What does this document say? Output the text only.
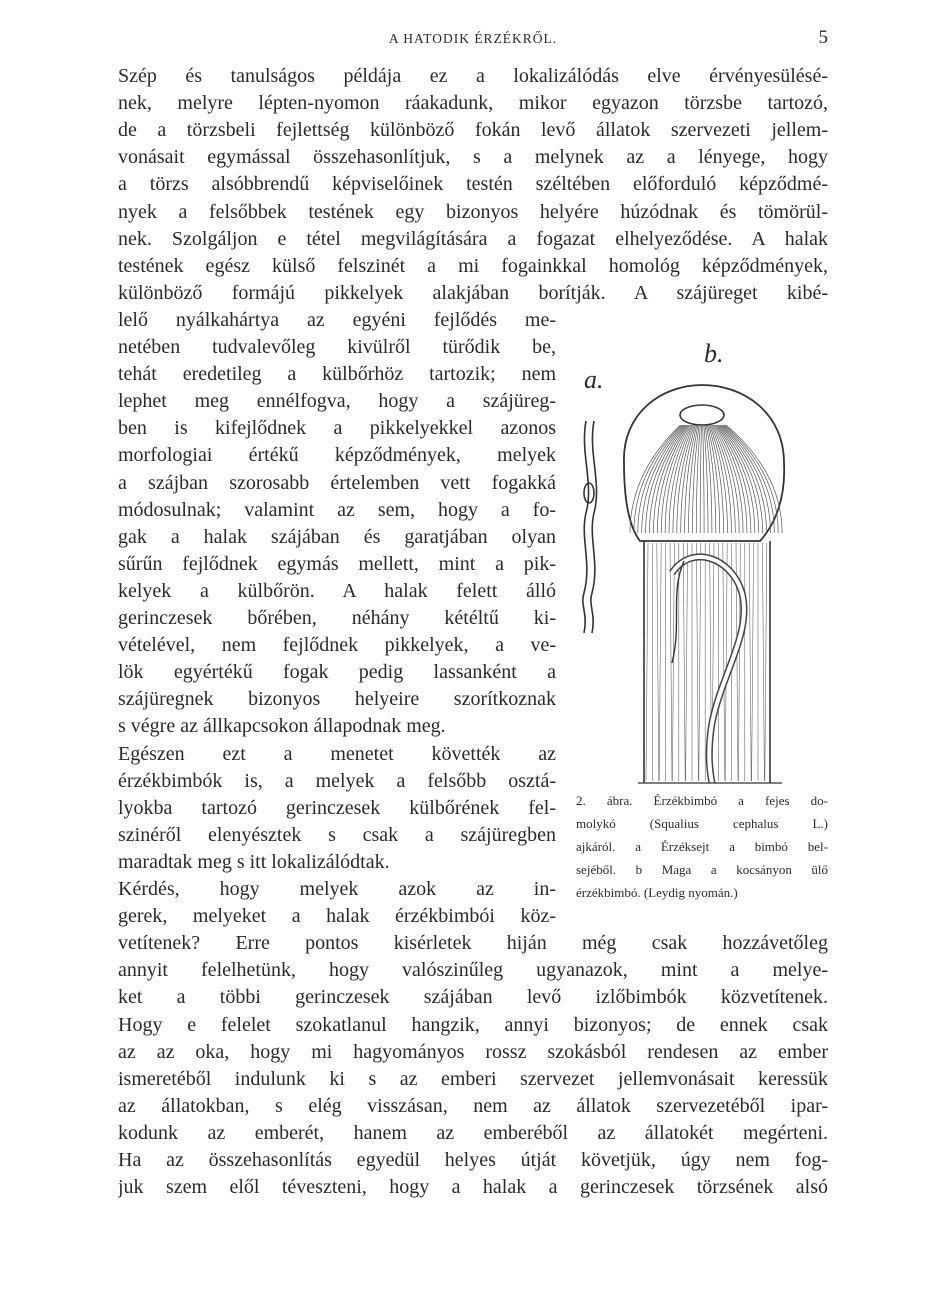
A HATODIK ÉRZÉKRŐL.	5
Szép és tanulságos példája ez a lokalizálódás elve érvényesülésé-
nek, melyre lépten-nyomon ráakadunk, mikor egyazon törzsbe tartozó,
de a törzsbeli fejlettség különböző fokán levő állatok szervezeti jellem-
vonásait egymással összehasonlítjuk, s a melynek az a lényege, hogy
a törzs alsóbbrendű képviselőinek testén széltében előforduló képződmé-
nyek a felsőbbek testének egy bizonyos helyére húzódnak és tömörül-
nek. Szolgáljon e tétel megvilágítására a fogazat elhelyeződése. A halak
testének egész külső felszinét a mi fogainkkal homológ képződmények,
különböző formájú pikkelyek alakjában borítják. A szájüreget kibé-
lelő nyálkahártya az egyéni fejlődés me-
netében tudvalevőleg kivülről türődik be,
tehát eredetileg a külbőrhöz tartozik; nem
lephet meg ennélfogva, hogy a szájüreg-
ben is kifejlődnek a pikkelyekkel azonos
morfologiai értékű képződmények, melyek
a szájban szorosabb értelemben vett fogakká
módosulnak; valamint az sem, hogy a fo-
gak a halak szájában és garatjában olyan
sűrűn fejlődnek egymás mellett, mint a pik-
kelyek a külbőrön. A halak felett álló
gerinczesek bőrében, néhány kétéltű ki-
vételével, nem fejlődnek pikkelyek, a ve-
lök egyértékű fogak pedig lassanként a
szájüregnek bizonyos helyeire szorítkoznak
s végre az állkapcsokon állapodnak meg.
Egészen ezt a menetet követték az
érzékbimbók is, a melyek a felsőbb osztá-
lyokba tartozó gerinczesek külbőrének fel-
szinéről elenyésztek s csak a szájüregben
maradtak meg s itt lokalizálódtak.
Kérdés, hogy melyek azok az in-
gerek, melyeket a halak érzékbimbói köz-
vetítenek? Erre pontos kisérletek hiján még csak hozzávetőleg
annyit felelhetünk, hogy valószinűleg ugyanazok, mint a melye-
ket a többi gerinczesek szájában levő izlőbimbók közvetítenek.
Hogy e felelet szokatlanul hangzik, annyi bizonyos; de ennek csak
az az oka, hogy mi hagyományos rossz szokásból rendesen az ember
ismeretéből indulunk ki s az emberi szervezet jellemvonásait keressük
az állatokban, s elég visszásan, nem az állatok szervezetéből ipar-
kodunk az emberét, hanem az emberéből az állatokét megérteni.
Ha az összehasonlítás egyedül helyes útját követjük, úgy nem fog-
juk szem elől téveszteni, hogy a halak a gerinczesek törzsének alsó
a.
b.
2. ábra. Érzékbimbó a fejes do-
molykó (Squalius cephalus L.)
ajkáról. a Érzéksejt a bimbó bel-
sejéből. b Maga a kocsányon ülő
érzékbimbó. (Leydig nyomán.)
